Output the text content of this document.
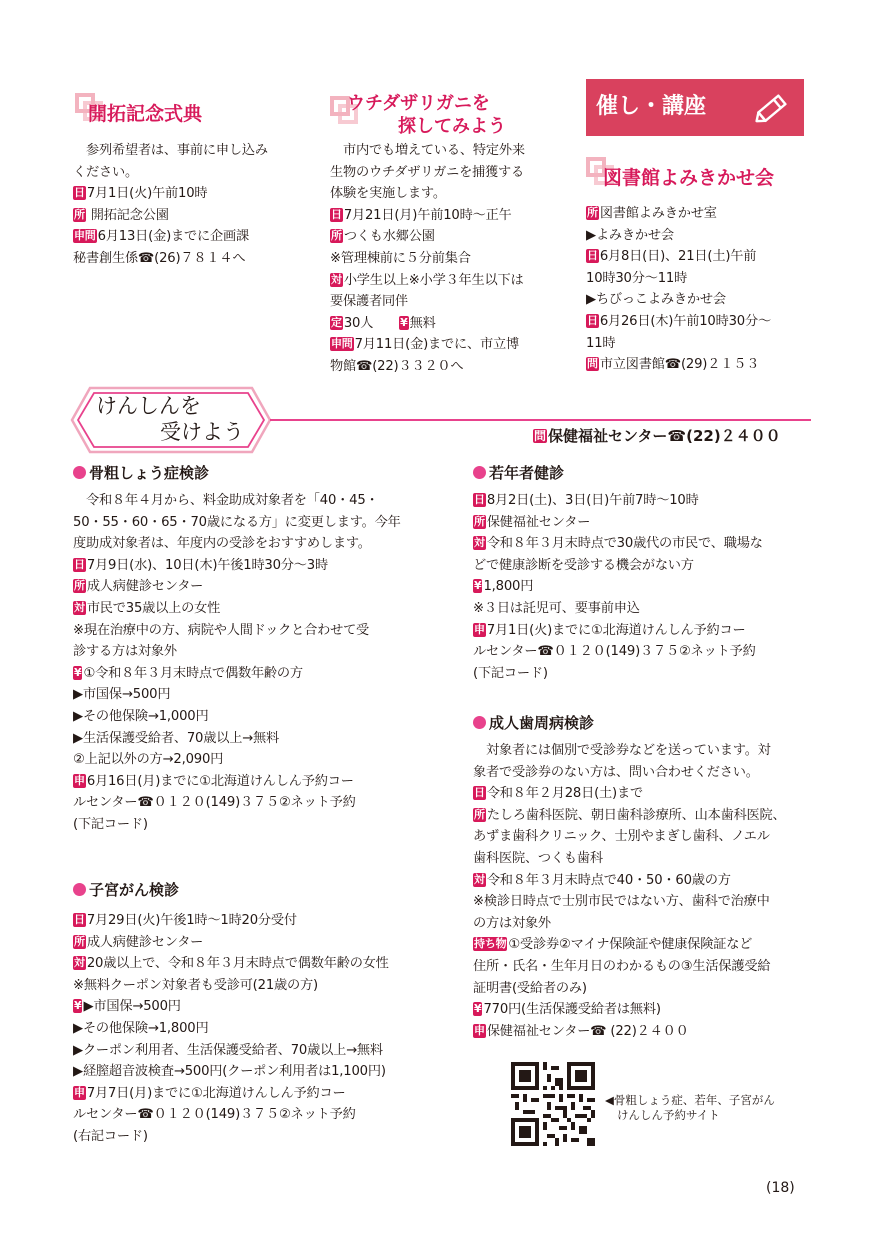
開拓記念式典
参列希望者は、事前に申し込み
ください。
日 7月1日(火)午前10時
所 開拓記念公園
申問 6月13日(金)までに企画課
秘書創生係☎(26)７８１４へ
ウチダザリガニを
探してみよう
市内でも増えている、特定外来
生物のウチダザリガニを捕獲する
体験を実施します。
日 7月21日(月)午前10時〜正午
所 つくも水郷公園
※管理棟前に５分前集合
対 小学生以上※小学３年生以下は
要保護者同伴
定 30人　　¥ 無料
申問 7月11日(金)までに、市立博
物館☎(22)３３２０へ
催し・講座
図書館よみきかせ会
所 図書館よみきかせ室
▶よみきかせ会
日 6月8日(日)、21日(土)午前
10時30分〜11時
▶ちびっこよみきかせ会
日 6月26日(木)午前10時30分〜
11時
問 市立図書館☎(29)２１５３
けんしんを
受けよう	問 保健福祉センター☎(22)２４００
骨粗しょう症検診
令和８年４月から、料金助成対象者を「40・45・
50・55・60・65・70歳になる方」に変更します。今年
度助成対象者は、年度内の受診をおすすめします。
日 7月9日(水)、10日(木)午後1時30分〜3時
所 成人病健診センター
対 市民で35歳以上の女性
※現在治療中の方、病院や人間ドックと合わせて受
診する方は対象外
¥ ①令和８年３月末時点で偶数年齢の方
▶市国保→500円
▶その他保険→1,000円
▶生活保護受給者、70歳以上→無料
②上記以外の方→2,090円
申 6月16日(月)までに①北海道けんしん予約コー
ルセンター☎０１２０(149)３７５②ネット予約
(下記コード)
子宮がん検診
日 7月29日(火)午後1時〜1時20分受付
所 成人病健診センター
対 20歳以上で、令和８年３月末時点で偶数年齢の女性
※無料クーポン対象者も受診可(21歳の方)
¥ ▶市国保→500円
▶その他保険→1,800円
▶クーポン利用者、生活保護受給者、70歳以上→無料
▶経膣超音波検査→500円(クーポン利用者は1,100円)
申 7月7日(月)までに①北海道けんしん予約コー
ルセンター☎０１２０(149)３７５②ネット予約
(右記コード)
若年者健診
日 8月2日(土)、3日(日)午前7時〜10時
所 保健福祉センター
対 令和８年３月末時点で30歳代の市民で、職場な
どで健康診断を受診する機会がない方
¥ 1,800円
※３日は託児可、要事前申込
申 7月1日(火)までに①北海道けんしん予約コー
ルセンター☎０１２０(149)３７５②ネット予約
(下記コード)
成人歯周病検診
対象者には個別で受診券などを送っています。対
象者で受診券のない方は、問い合わせください。
日 令和８年２月28日(土)まで
所 たしろ歯科医院、朝日歯科診療所、山本歯科医院、
あずま歯科クリニック、士別やまぎし歯科、ノエル
歯科医院、つくも歯科
対 令和８年３月末時点で40・50・60歳の方
※検診日時点で士別市民ではない方、歯科で治療中
の方は対象外
持ち物 ①受診券②マイナ保険証や健康保険証など
住所・氏名・生年月日のわかるもの③生活保護受給
証明書(受給者のみ)
¥ 770円(生活保護受給者は無料)
申 保健福祉センター☎ (22)２４００
◀骨粗しょう症、若年、子宮がん
けんしん予約サイト
(18)
